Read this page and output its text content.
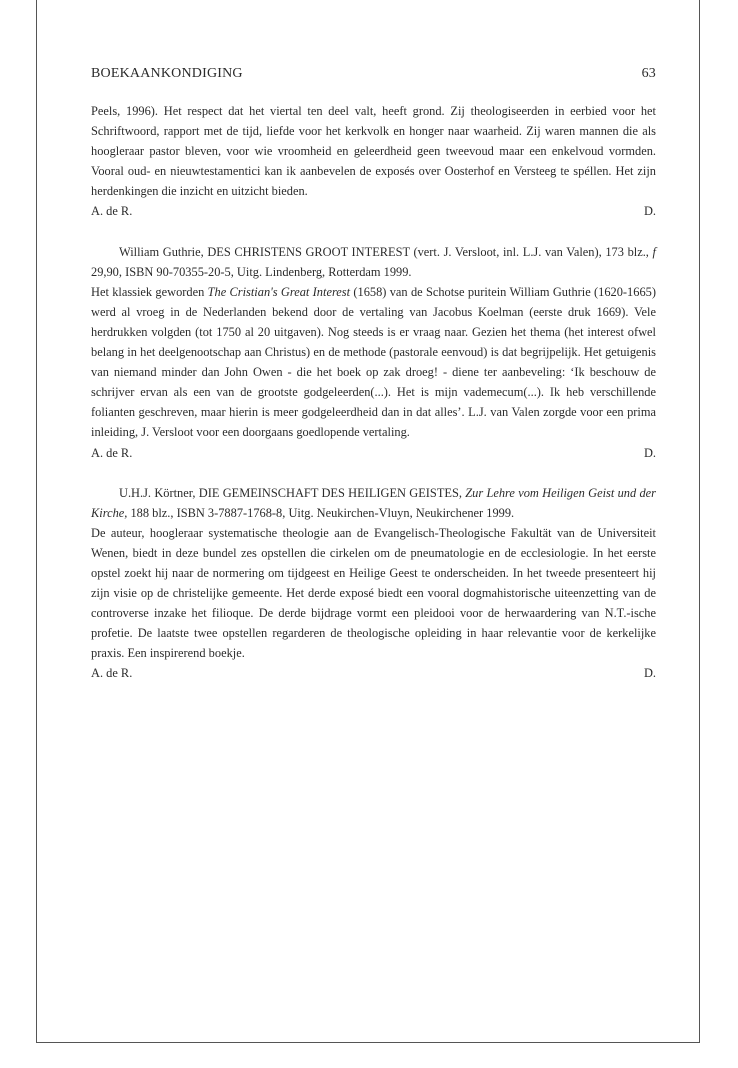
BOEKAANKONDIGING	63

Peels, 1996). Het respect dat het viertal ten deel valt, heeft grond. Zij theologiseerden in eerbied voor het Schriftwoord, rapport met de tijd, liefde voor het kerkvolk en honger naar waarheid. Zij waren mannen die als hoogleraar pastor bleven, voor wie vroomheid en geleerdheid geen tweevoud maar een enkelvoud vormden. Vooral oud- en nieuwtestamentici kan ik aanbevelen de exposés over Oosterhof en Versteeg te spéllen. Het zijn herdenkingen die inzicht en uitzicht bieden.

A. de R.	D.

William Guthrie, DES CHRISTENS GROOT INTEREST (vert. J. Versloot, inl. L.J. van Valen), 173 blz., f 29,90, ISBN 90-70355-20-5, Uitg. Lindenberg, Rotterdam 1999.

Het klassiek geworden The Cristian's Great Interest (1658) van de Schotse puritein William Guthrie (1620-1665) werd al vroeg in de Nederlanden bekend door de vertaling van Jacobus Koelman (eerste druk 1669). Vele herdrukken volgden (tot 1750 al 20 uitgaven). Nog steeds is er vraag naar. Gezien het thema (het interest ofwel belang in het deelgenootschap aan Christus) en de methode (pastorale eenvoud) is dat begrijpelijk. Het getuigenis van niemand minder dan John Owen - die het boek op zak droeg! - diene ter aanbeveling: ‘Ik beschouw de schrijver ervan als een van de grootste godgeleerden(...). Het is mijn vademecum(...). Ik heb verschillende folianten geschreven, maar hierin is meer godgeleerdheid dan in dat alles’. L.J. van Valen zorgde voor een prima inleiding, J. Versloot voor een doorgaans goedlopende vertaling.

A. de R.	D.

U.H.J. Körtner, DIE GEMEINSCHAFT DES HEILIGEN GEISTES, Zur Lehre vom Heiligen Geist und der Kirche, 188 blz., ISBN 3-7887-1768-8, Uitg. Neukirchen-Vluyn, Neukirchener 1999.

De auteur, hoogleraar systematische theologie aan de Evangelisch-Theologische Fakultät van de Universiteit Wenen, biedt in deze bundel zes opstellen die cirkelen om de pneumatologie en de ecclesiologie. In het eerste opstel zoekt hij naar de normering om tijdgeest en Heilige Geest te onderscheiden. In het tweede presenteert hij zijn visie op de christelijke gemeente. Het derde exposé biedt een vooral dogmahistorische uiteenzetting van de controverse inzake het filioque. De derde bijdrage vormt een pleidooi voor de herwaardering van N.T.-ische profetie. De laatste twee opstellen regarderen de theologische opleiding in haar relevantie voor de kerkelijke praxis. Een inspirerend boekje.

A. de R.	D.
